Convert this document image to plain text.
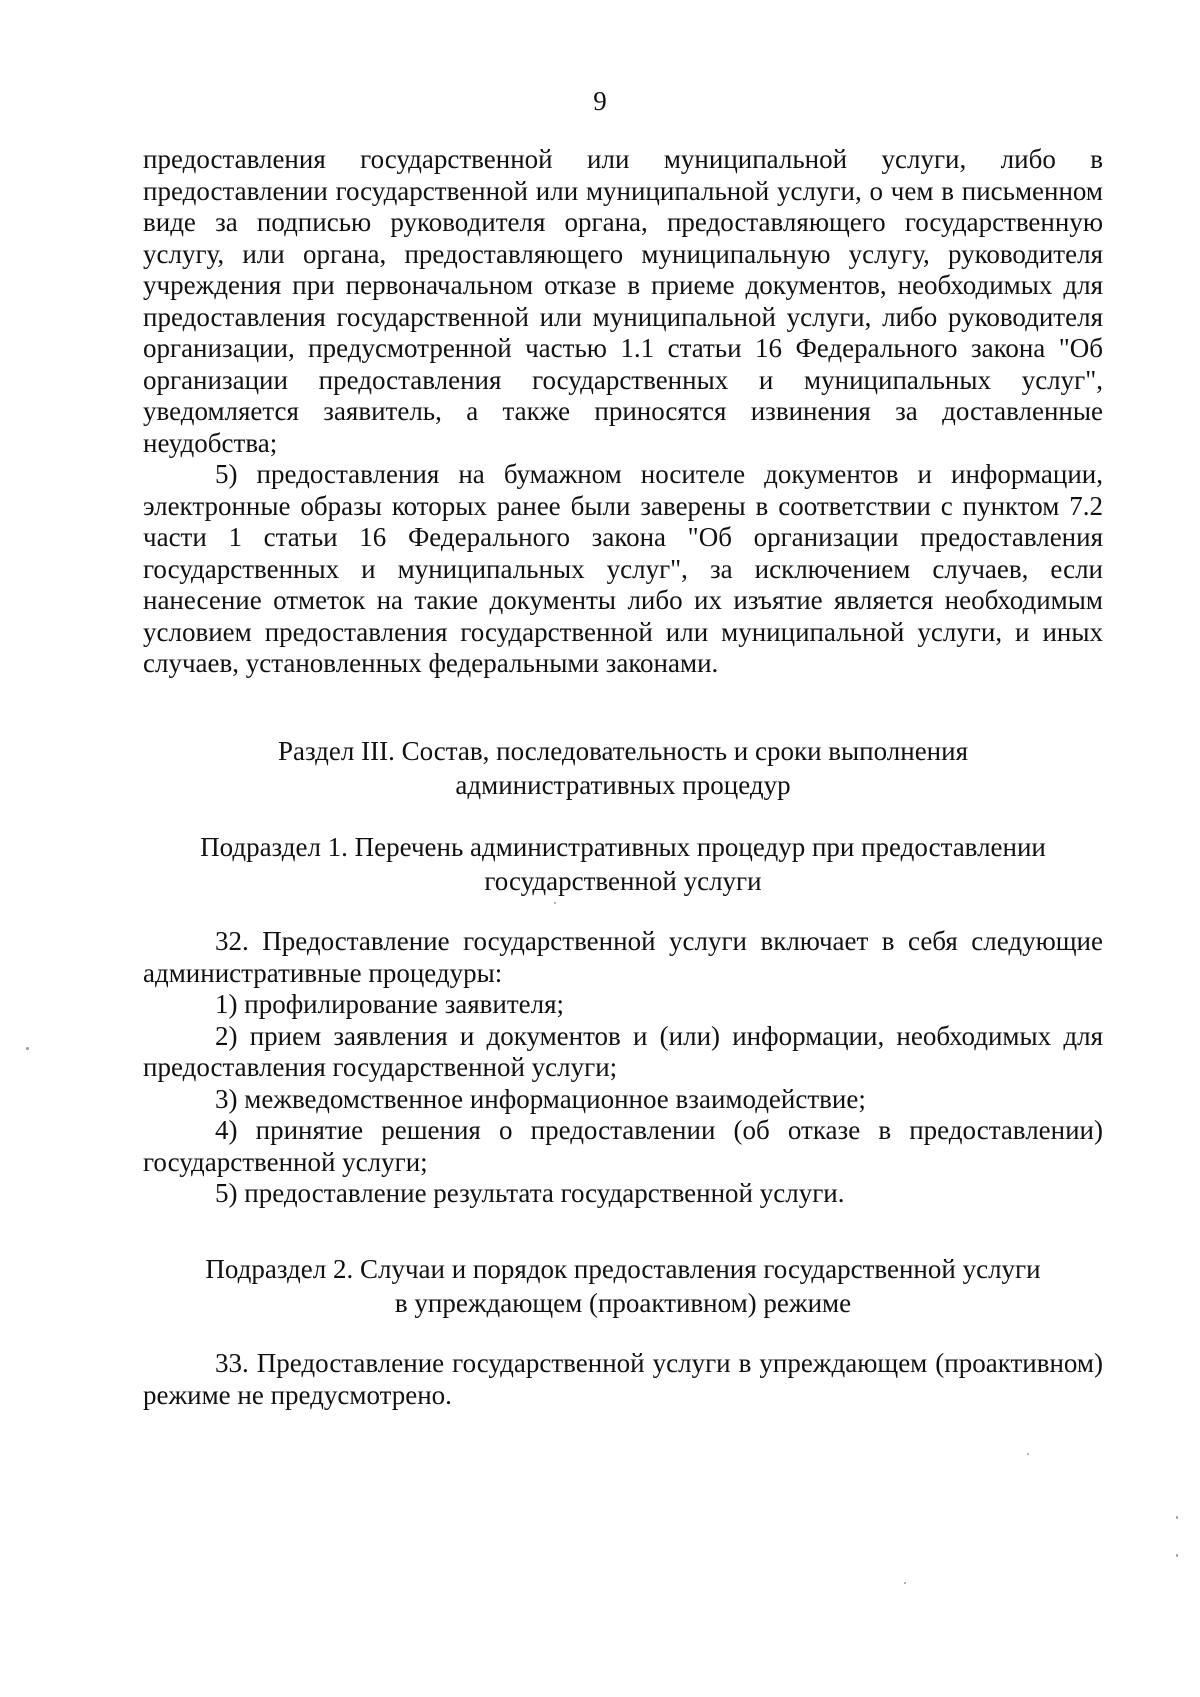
9

предоставления государственной или муниципальной услуги, либо в предоставлении государственной или муниципальной услуги, о чем в письменном виде за подписью руководителя органа, предоставляющего государственную услугу, или органа, предоставляющего муниципальную услугу, руководителя учреждения при первоначальном отказе в приеме документов, необходимых для предоставления государственной или муниципальной услуги, либо руководителя организации, предусмотренной частью 1.1 статьи 16 Федерального закона "Об организации предоставления государственных и муниципальных услуг", уведомляется заявитель, а также приносятся извинения за доставленные неудобства;

5) предоставления на бумажном носителе документов и информации, электронные образы которых ранее были заверены в соответствии с пунктом 7.2 части 1 статьи 16 Федерального закона "Об организации предоставления государственных и муниципальных услуг", за исключением случаев, если нанесение отметок на такие документы либо их изъятие является необходимым условием предоставления государственной или муниципальной услуги, и иных случаев, установленных федеральными законами.

Раздел III. Состав, последовательность и сроки выполнения
административных процедур
Подраздел 1. Перечень административных процедур при предоставлении
государственной услуги

32. Предоставление государственной услуги включает в себя следующие административные процедуры:

1) профилирование заявителя;

2) прием заявления и документов и (или) информации, необходимых для предоставления государственной услуги;

3) межведомственное информационное взаимодействие;

4) принятие решения о предоставлении (об отказе в предоставлении) государственной услуги;

5) предоставление результата государственной услуги.

Подраздел 2. Случаи и порядок предоставления государственной услуги
в упреждающем (проактивном) режиме

33. Предоставление государственной услуги в упреждающем (проактивном) режиме не предусмотрено.
